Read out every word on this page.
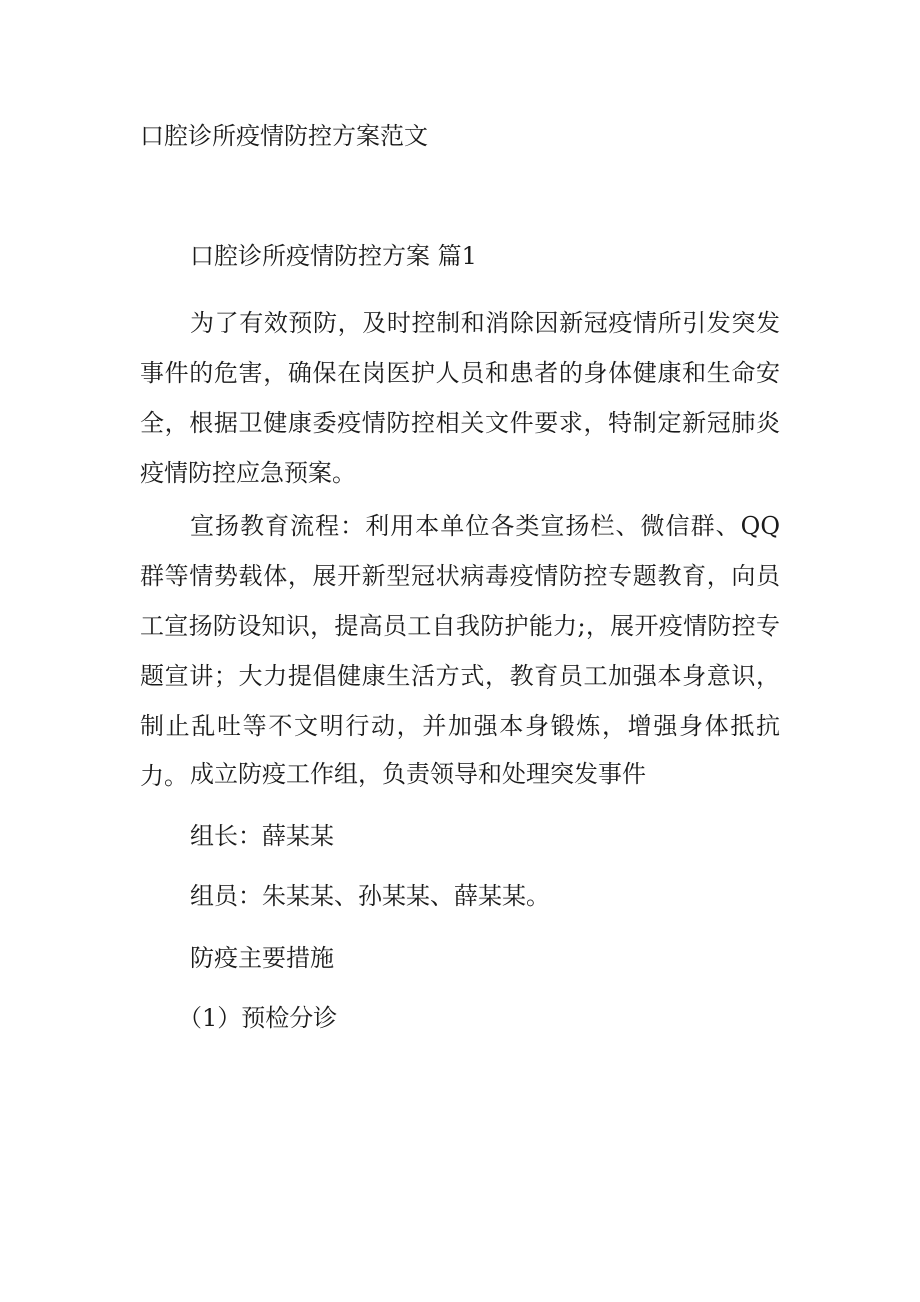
口腔诊所疫情防控方案范文
口腔诊所疫情防控方案 篇1

为了有效预防，及时控制和消除因新冠疫情所引发突发事件的危害，确保在岗医护人员和患者的身体健康和生命安全，根据卫健康委疫情防控相关文件要求，特制定新冠肺炎疫情防控应急预案。

宣扬教育流程：利用本单位各类宣扬栏、微信群、QQ群等情势载体，展开新型冠状病毒疫情防控专题教育，向员工宣扬防设知识，提高员工自我防护能力;，展开疫情防控专题宣讲；大力提倡健康生活方式，教育员工加强本身意识，制止乱吐等不文明行动，并加强本身锻炼，增强身体抵抗力。 成立防疫工作组，负责领导和处理突发事件

组长：薛某某

组员：朱某某、孙某某、薛某某。

防疫主要措施

（1）预检分诊
